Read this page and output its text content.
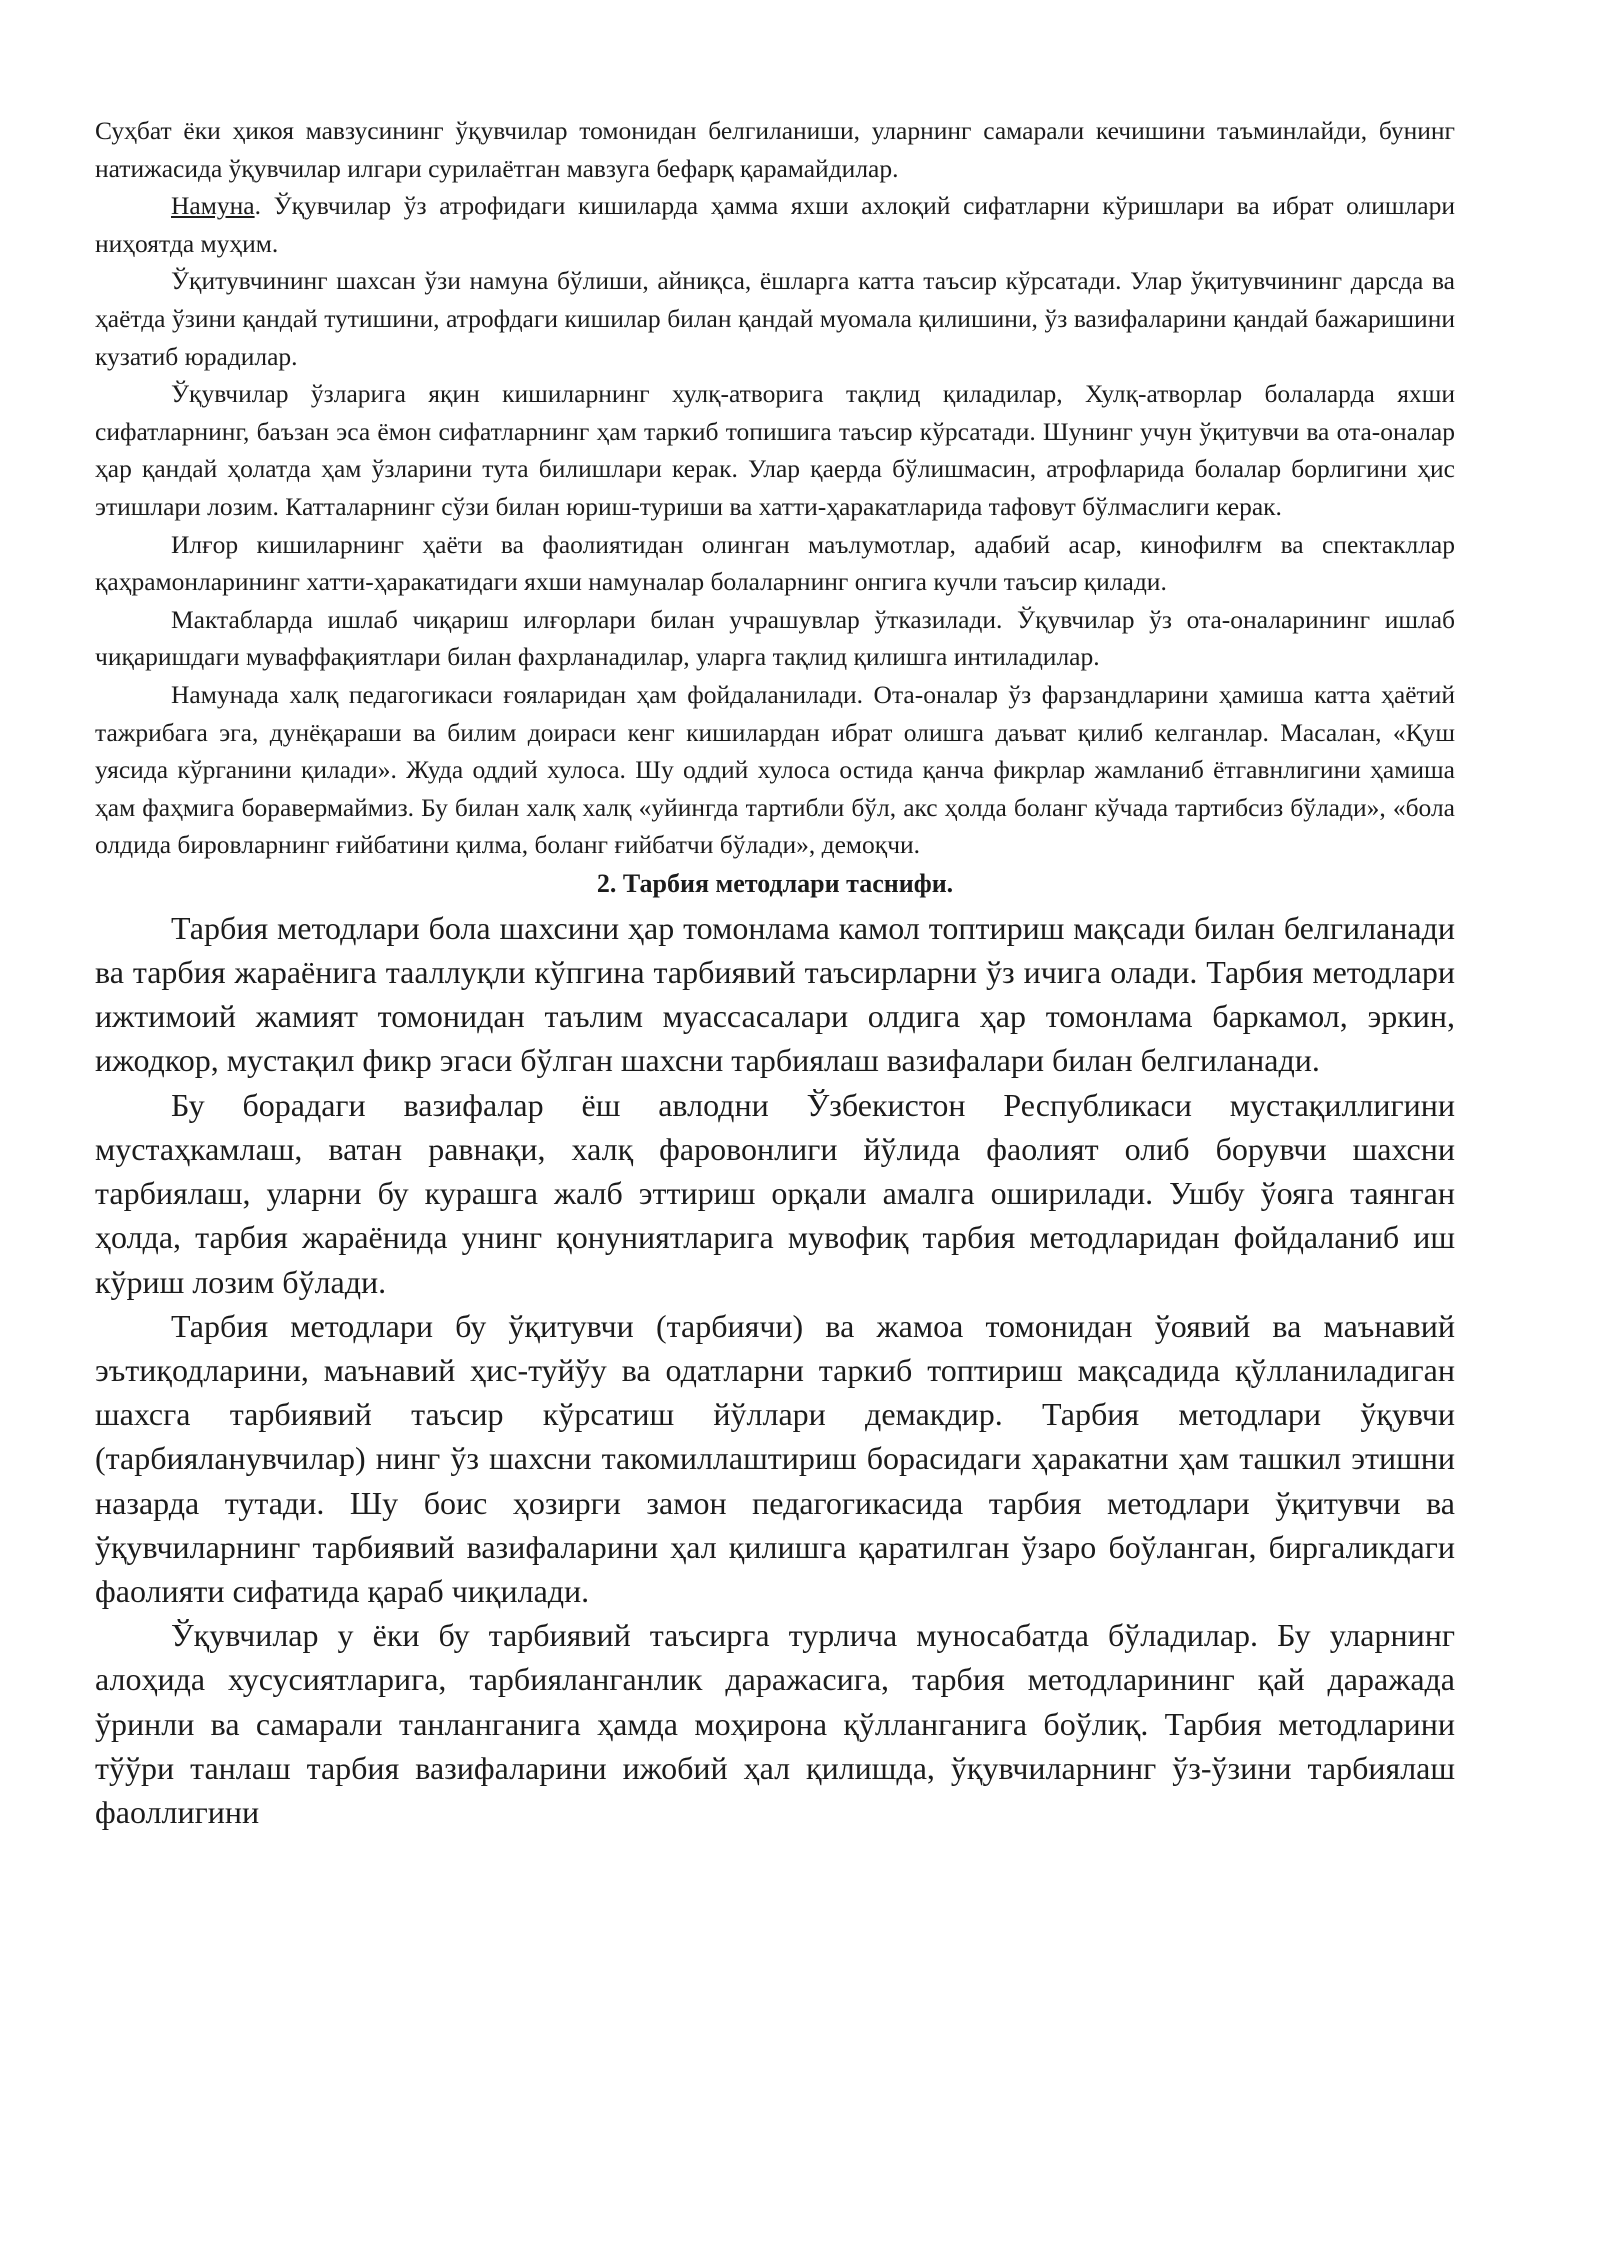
Суҳбат ёки ҳикоя мавзусининг ўқувчилар томонидан белгиланиши, уларнинг самарали кечишини таъминлайди, бунинг натижасида ўқувчилар илгари сурилаётган мавзуга бефарқ қарамайдилар.

Намуна. Ўқувчилар ўз атрофидаги кишиларда ҳамма яхши ахлоқий сифатларни кўришлари ва ибрат олишлари ниҳоятда муҳим.

Ўқитувчининг шахсан ўзи намуна бўлиши, айниқса, ёшларга катта таъсир кўрсатади. Улар ўқитувчининг дарсда ва ҳаётда ўзини қандай тутишини, атрофдаги кишилар билан қандай муомала қилишини, ўз вазифаларини қандай бажаришини кузатиб юрадилар.

Ўқувчилар ўзларига яқин кишиларнинг хулқ-атворига тақлид қиладилар, Хулқ-атворлар болаларда яхши сифатларнинг, баъзан эса ёмон сифатларнинг ҳам таркиб топишига таъсир кўрсатади. Шунинг учун ўқитувчи ва ота-оналар ҳар қандай ҳолатда ҳам ўзларини тута билишлари керак. Улар қаерда бўлишмасин, атрофларида болалар борлигини ҳис этишлари лозим. Катталарнинг сўзи билан юриш-туриши ва хатти-ҳаракатларида тафовут бўлмаслиги керак.

Илғор кишиларнинг ҳаёти ва фаолиятидан олинган маълумотлар, адабий асар, кинофилғм ва спектакллар қаҳрамонларининг хатти-ҳаракатидаги яхши намуналар болаларнинг онгига кучли таъсир қилади.

Мактабларда ишлаб чиқариш илғорлари билан учрашувлар ўтказилади. Ўқувчилар ўз ота-оналарининг ишлаб чиқаришдаги муваффақиятлари билан фахрланадилар, уларга тақлид қилишга интиладилар.

Намунада халқ педагогикаси ғояларидан ҳам фойдаланилади. Ота-оналар ўз фарзандларини ҳамиша катта ҳаётий тажрибага эга, дунёқараши ва билим доираси кенг кишилардан ибрат олишга даъват қилиб келганлар. Масалан, «Қуш уясида кўрганини қилади». Жуда оддий хулоса. Шу оддий хулоса остида қанча фикрлар жамланиб ётгавнлигини ҳамиша ҳам фаҳмига боравермаймиз. Бу билан халқ халқ «уйингда тартибли бўл, акс ҳолда боланг кўчада тартибсиз бўлади», «бола олдида бировларнинг ғийбатини қилма, боланг ғийбатчи бўлади», демоқчи.

2. Тарбия методлари таснифи.

Тарбия методлари бола шахсини ҳар томонлама камол топтириш мақсади билан белгиланади ва тарбия жараёнига тааллуқли кўпгина тарбиявий таъсирларни ўз ичига олади. Тарбия методлари ижтимоий жамият томонидан таълим муассасалари олдига ҳар томонлама баркамол, эркин, ижодкор, мустақил фикр эгаси бўлган шахсни тарбиялаш вазифалари билан белгиланади.

Бу борадаги вазифалар ёш авлодни Ўзбекистон Республикаси мустақиллигини мустаҳкамлаш, ватан равнақи, халқ фаровонлиги йўлида фаолият олиб борувчи шахсни тарбиялаш, уларни бу курашга жалб эттириш орқали амалга оширилади. Ушбу ўояга таянган ҳолда, тарбия жараёнида унинг қонуниятларига мувофиқ тарбия методларидан фойдаланиб иш кўриш лозим бўлади.

Тарбия методлари бу ўқитувчи (тарбиячи) ва жамоа томонидан ўоявий ва маънавий эътиқодларини, маънавий ҳис-туйўу ва одатларни таркиб топтириш мақсадида қўлланиладиган шахсга тарбиявий таъсир кўрсатиш йўллари демакдир. Тарбия методлари ўқувчи (тарбияланувчилар) нинг ўз шахсни такомиллаштириш борасидаги ҳаракатни ҳам ташкил этишни назарда тутади. Шу боис ҳозирги замон педагогикасида тарбия методлари ўқитувчи ва ўқувчиларнинг тарбиявий вазифаларини ҳал қилишга қаратилган ўзаро боўланган, биргаликдаги фаолияти сифатида қараб чиқилади.

Ўқувчилар у ёки бу тарбиявий таъсирга турлича муносабатда бўладилар. Бу уларнинг алоҳида хусусиятларига, тарбияланганлик даражасига, тарбия методларининг қай даражада ўринли ва самарали танланганига ҳамда моҳирона қўлланганига боўлиқ. Тарбия методларини тўўри танлаш тарбия вазифаларини ижобий ҳал қилишда, ўқувчиларнинг ўз-ўзини тарбиялаш фаоллигини
